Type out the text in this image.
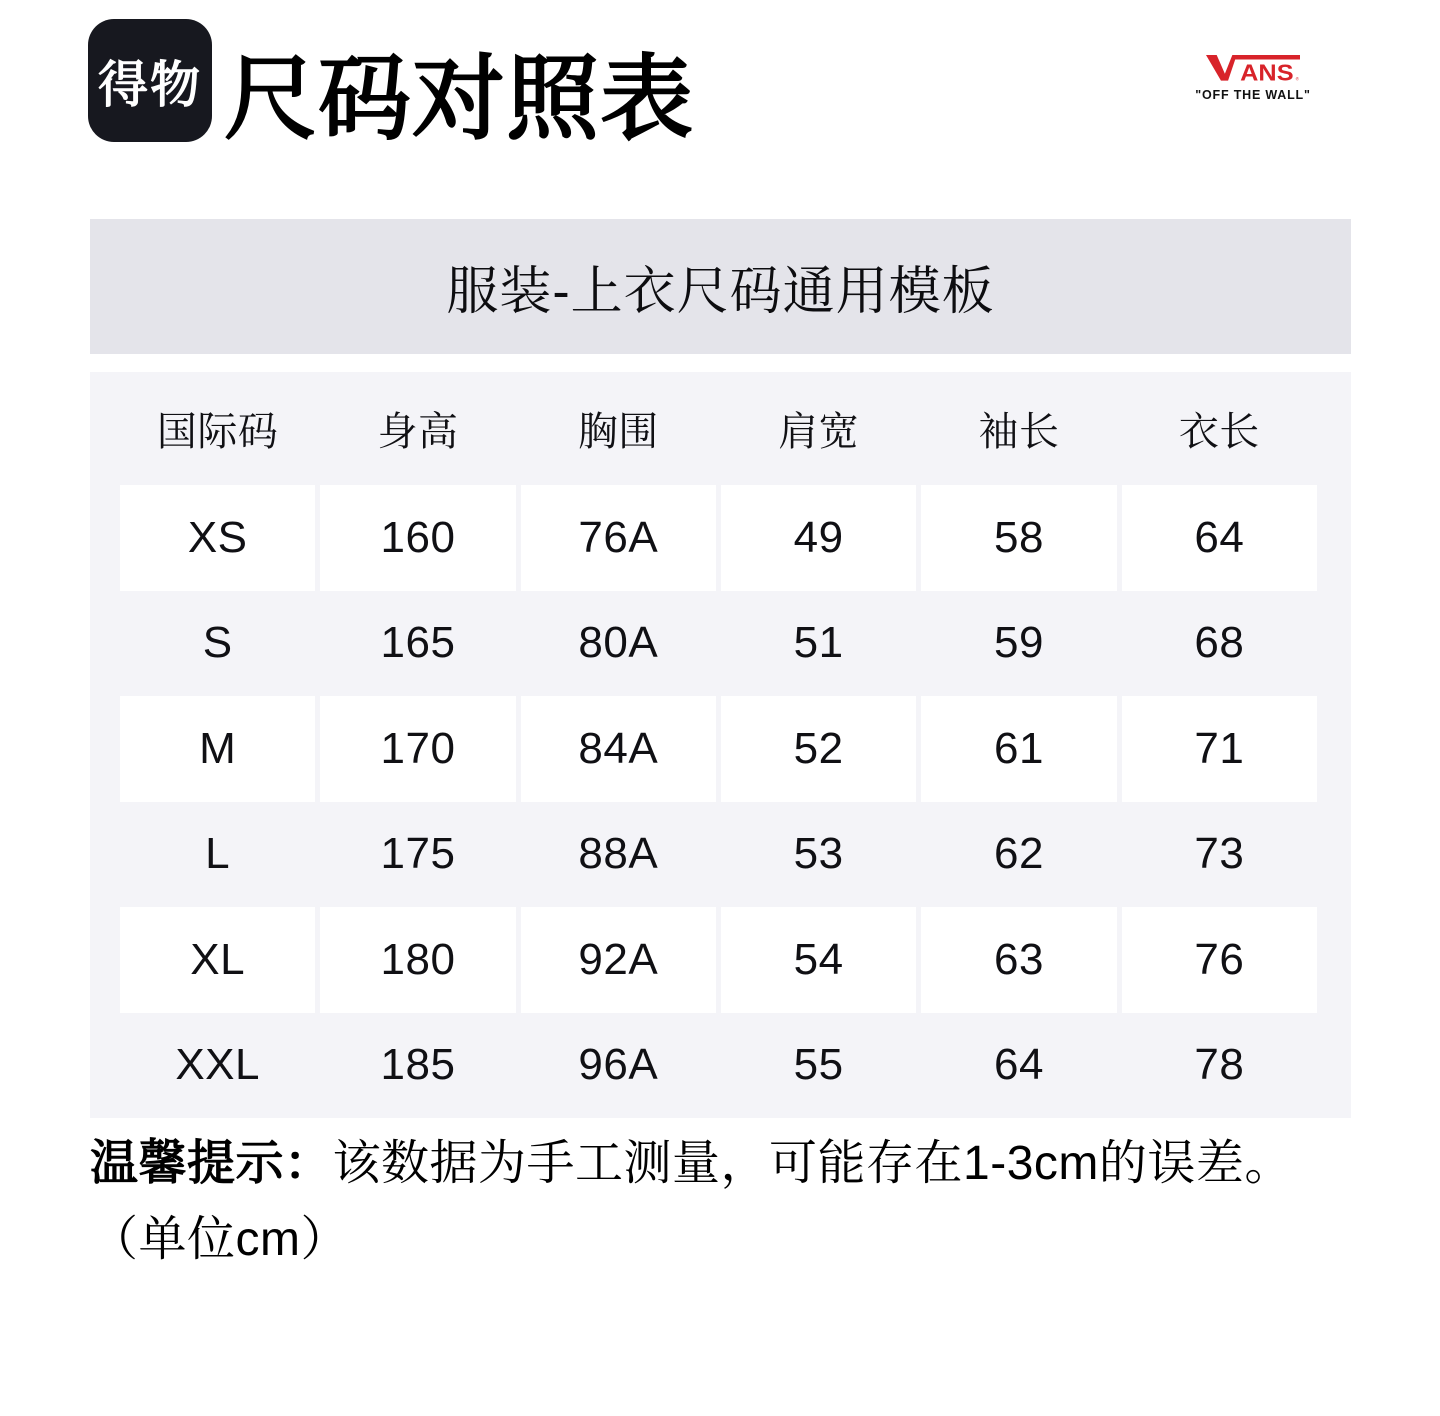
得物 尺码对照表	ANS ®
"OFF THE WALL"
服装-上衣尺码通用模板
国际码	身高	胸围	肩宽	袖长	衣长
XS	160	76A	49	58	64
S	165	80A	51	59	68
M	170	84A	52	61	71
L	175	88A	53	62	73
XL	180	92A	54	63	76
XXL	185	96A	55	64	78

温馨提示：该数据为手工测量，可能存在1-3cm的误差。

（单位cm）
